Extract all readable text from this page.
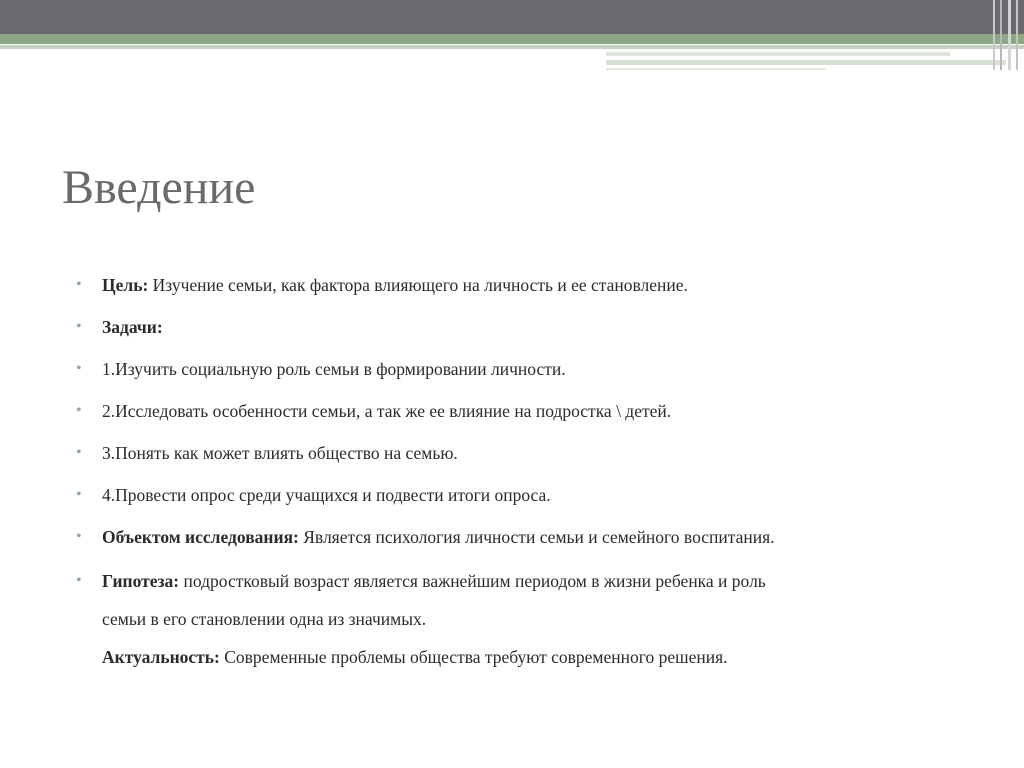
Введение
• Цель: Изучение семьи, как фактора влияющего на личность и ее становление.
• Задачи:
• 1.Изучить социальную роль семьи в формировании личности.
• 2.Исследовать особенности семьи, а так же ее влияние на подростка \ детей.
• 3.Понять как может влиять общество на семью.
• 4.Провести опрос среди учащихся и подвести итоги опроса.
• Объектом исследования: Является психология личности семьи и семейного воспитания.
• Гипотеза: подростковый возраст является важнейшим периодом в жизни ребенка и роль
семьи в его становлении одна из значимых.
Актуальность: Современные проблемы общества требуют современного решения.
